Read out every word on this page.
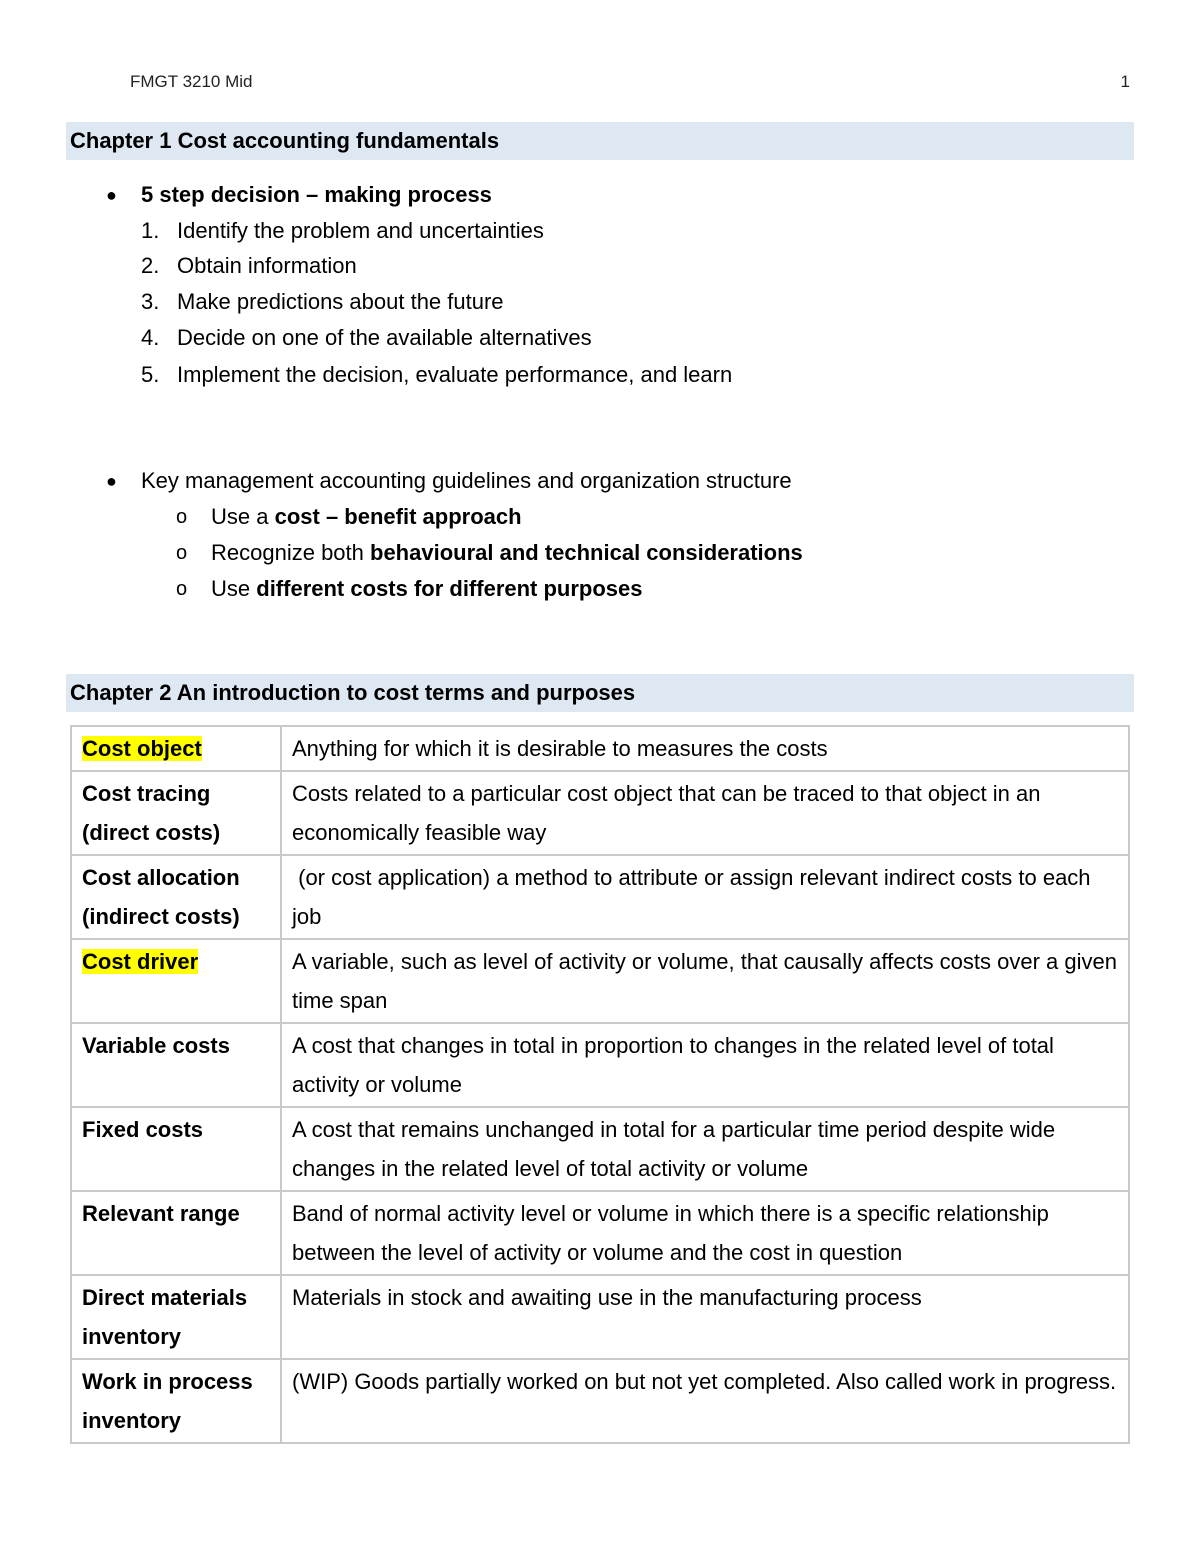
FMGT 3210 Mid	1
Chapter 1 Cost accounting fundamentals
● 5 step decision – making process
1. Identify the problem and uncertainties
2. Obtain information
3. Make predictions about the future
4. Decide on one of the available alternatives
5. Implement the decision, evaluate performance, and learn
● Key management accounting guidelines and organization structure
o Use a cost – benefit approach
o Recognize both behavioural and technical considerations
o Use different costs for different purposes
Chapter 2 An introduction to cost terms and purposes
Cost object	Anything for which it is desirable to measures the costs
Cost tracing (direct costs)	Costs related to a particular cost object that can be traced to that object in an economically feasible way
Cost allocation (indirect costs)	(or cost application) a method to attribute or assign relevant indirect costs to each job
Cost driver	A variable, such as level of activity or volume, that causally affects costs over a given time span
Variable costs	A cost that changes in total in proportion to changes in the related level of total activity or volume
Fixed costs	A cost that remains unchanged in total for a particular time period despite wide changes in the related level of total activity or volume
Relevant range	Band of normal activity level or volume in which there is a specific relationship between the level of activity or volume and the cost in question
Direct materials inventory	Materials in stock and awaiting use in the manufacturing process
Work in process inventory	(WIP) Goods partially worked on but not yet completed. Also called work in progress.
